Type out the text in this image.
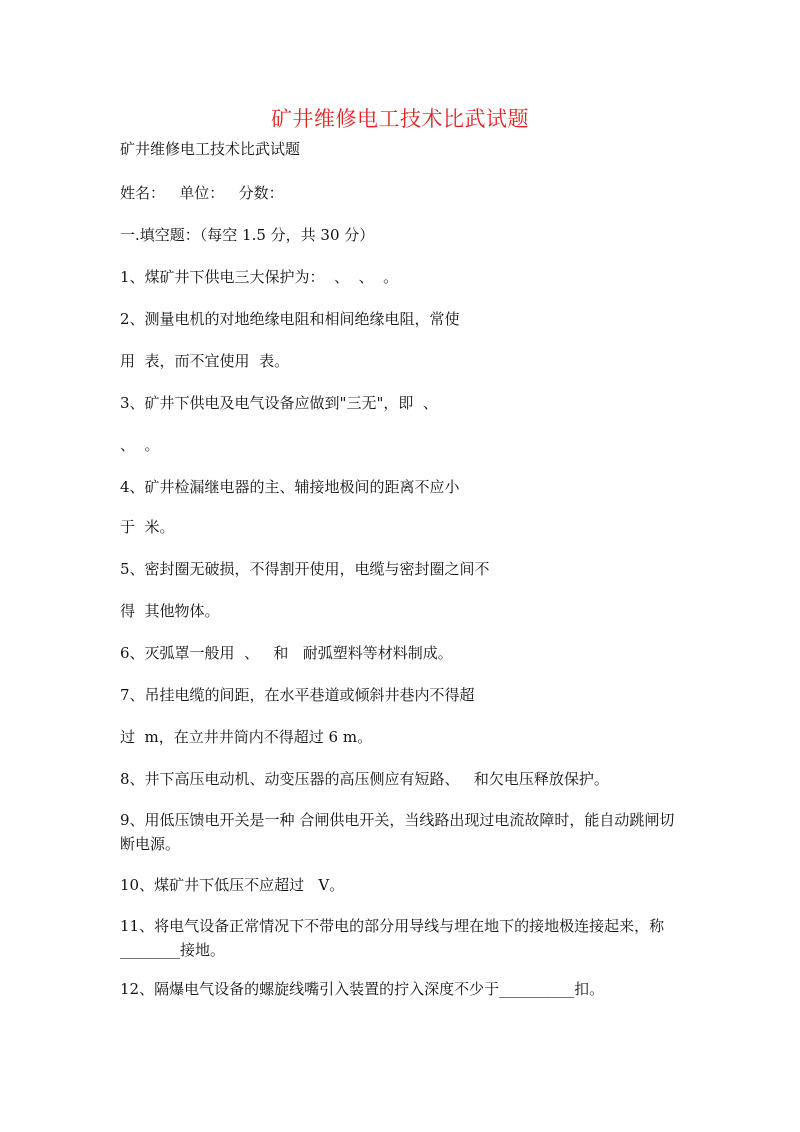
矿井维修电工技术比武试题
矿井维修电工技术比武试题
姓名：   单位：   分数：
一.填空题：（每空 1.5 分，共 30 分）
1、煤矿井下供电三大保护为：  、  、  。
2、测量电机的对地绝缘电阻和相间绝缘电阻，常使
用  表，而不宜使用  表。
3、矿井下供电及电气设备应做到"三无"，即  、
、  。
4、矿井检漏继电器的主、辅接地极间的距离不应小
于  米。
5、密封圈无破损，不得割开使用，电缆与密封圈之间不
得  其他物体。
6、灭弧罩一般用  、   和   耐弧塑料等材料制成。
7、吊挂电缆的间距，在水平巷道或倾斜井巷内不得超
过  m，在立井井筒内不得超过 6 m。
8、井下高压电动机、动变压器的高压侧应有短路、   和欠电压释放保护。
9、用低压馈电开关是一种 合闸供电开关，当线路出现过电流故障时，能自动跳闸切断电源。
10、煤矿井下低压不应超过   V。
11、将电气设备正常情况下不带电的部分用导线与埋在地下的接地极连接起来，称 ________接地。
12、隔爆电气设备的螺旋线嘴引入装置的拧入深度不少于__________扣。
